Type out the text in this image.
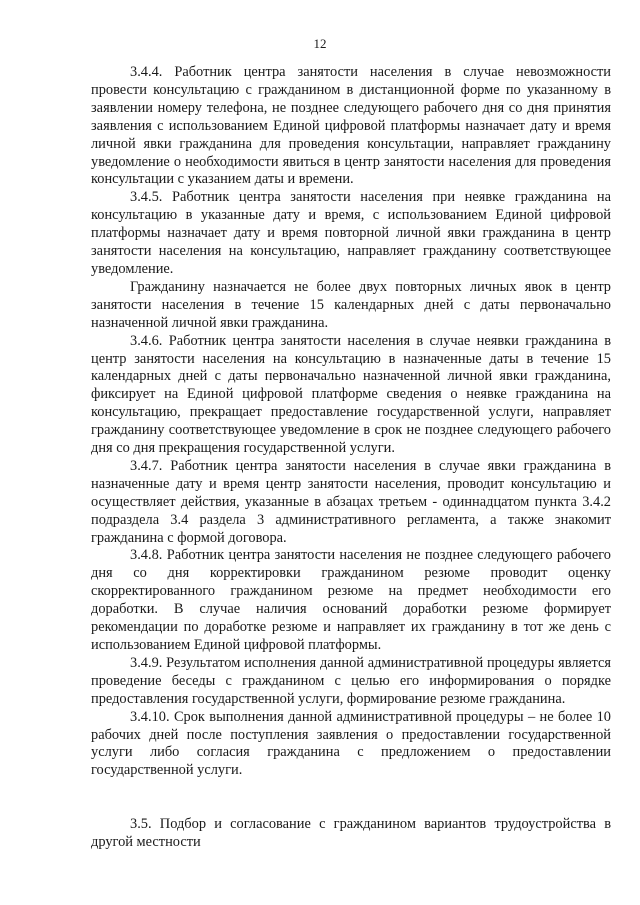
12

3.4.4. Работник центра занятости населения в случае невозможности провести консультацию с гражданином в дистанционной форме по указанному в заявлении номеру телефона, не позднее следующего рабочего дня со дня принятия заявления с использованием Единой цифровой платформы назначает дату и время личной явки гражданина для проведения консультации, направляет гражданину уведомление о необходимости явиться в центр занятости населения для проведения консультации с указанием даты и времени.

3.4.5. Работник центра занятости населения при неявке гражданина на консультацию в указанные дату и время, с использованием Единой цифровой платформы назначает дату и время повторной личной явки гражданина в центр занятости населения на консультацию, направляет гражданину соответствующее уведомление.

Гражданину назначается не более двух повторных личных явок в центр занятости населения в течение 15 календарных дней с даты первоначально назначенной личной явки гражданина.

3.4.6. Работник центра занятости населения в случае неявки гражданина в центр занятости населения на консультацию в назначенные даты в течение 15 календарных дней с даты первоначально назначенной личной явки гражданина, фиксирует на Единой цифровой платформе сведения о неявке гражданина на консультацию, прекращает предоставление государственной услуги, направляет гражданину соответствующее уведомление в срок не позднее следующего рабочего дня со дня прекращения государственной услуги.

3.4.7. Работник центра занятости населения в случае явки гражданина в назначенные дату и время центр занятости населения, проводит консультацию и осуществляет действия, указанные в абзацах третьем - одиннадцатом пункта 3.4.2 подраздела 3.4 раздела 3 административного регламента, а также знакомит гражданина с формой договора.

3.4.8. Работник центра занятости населения не позднее следующего рабочего дня со дня корректировки гражданином резюме проводит оценку скорректированного гражданином резюме на предмет необходимости его доработки. В случае наличия оснований доработки резюме формирует рекомендации по доработке резюме и направляет их гражданину в тот же день с использованием Единой цифровой платформы.

3.4.9. Результатом исполнения данной административной процедуры является проведение беседы с гражданином с целью его информирования о порядке предоставления государственной услуги, формирование резюме гражданина.

3.4.10. Срок выполнения данной административной процедуры – не более 10 рабочих дней после поступления заявления о предоставлении государственной услуги либо согласия гражданина с предложением о предоставлении государственной услуги.

3.5. Подбор и согласование с гражданином вариантов трудоустройства в другой местности
